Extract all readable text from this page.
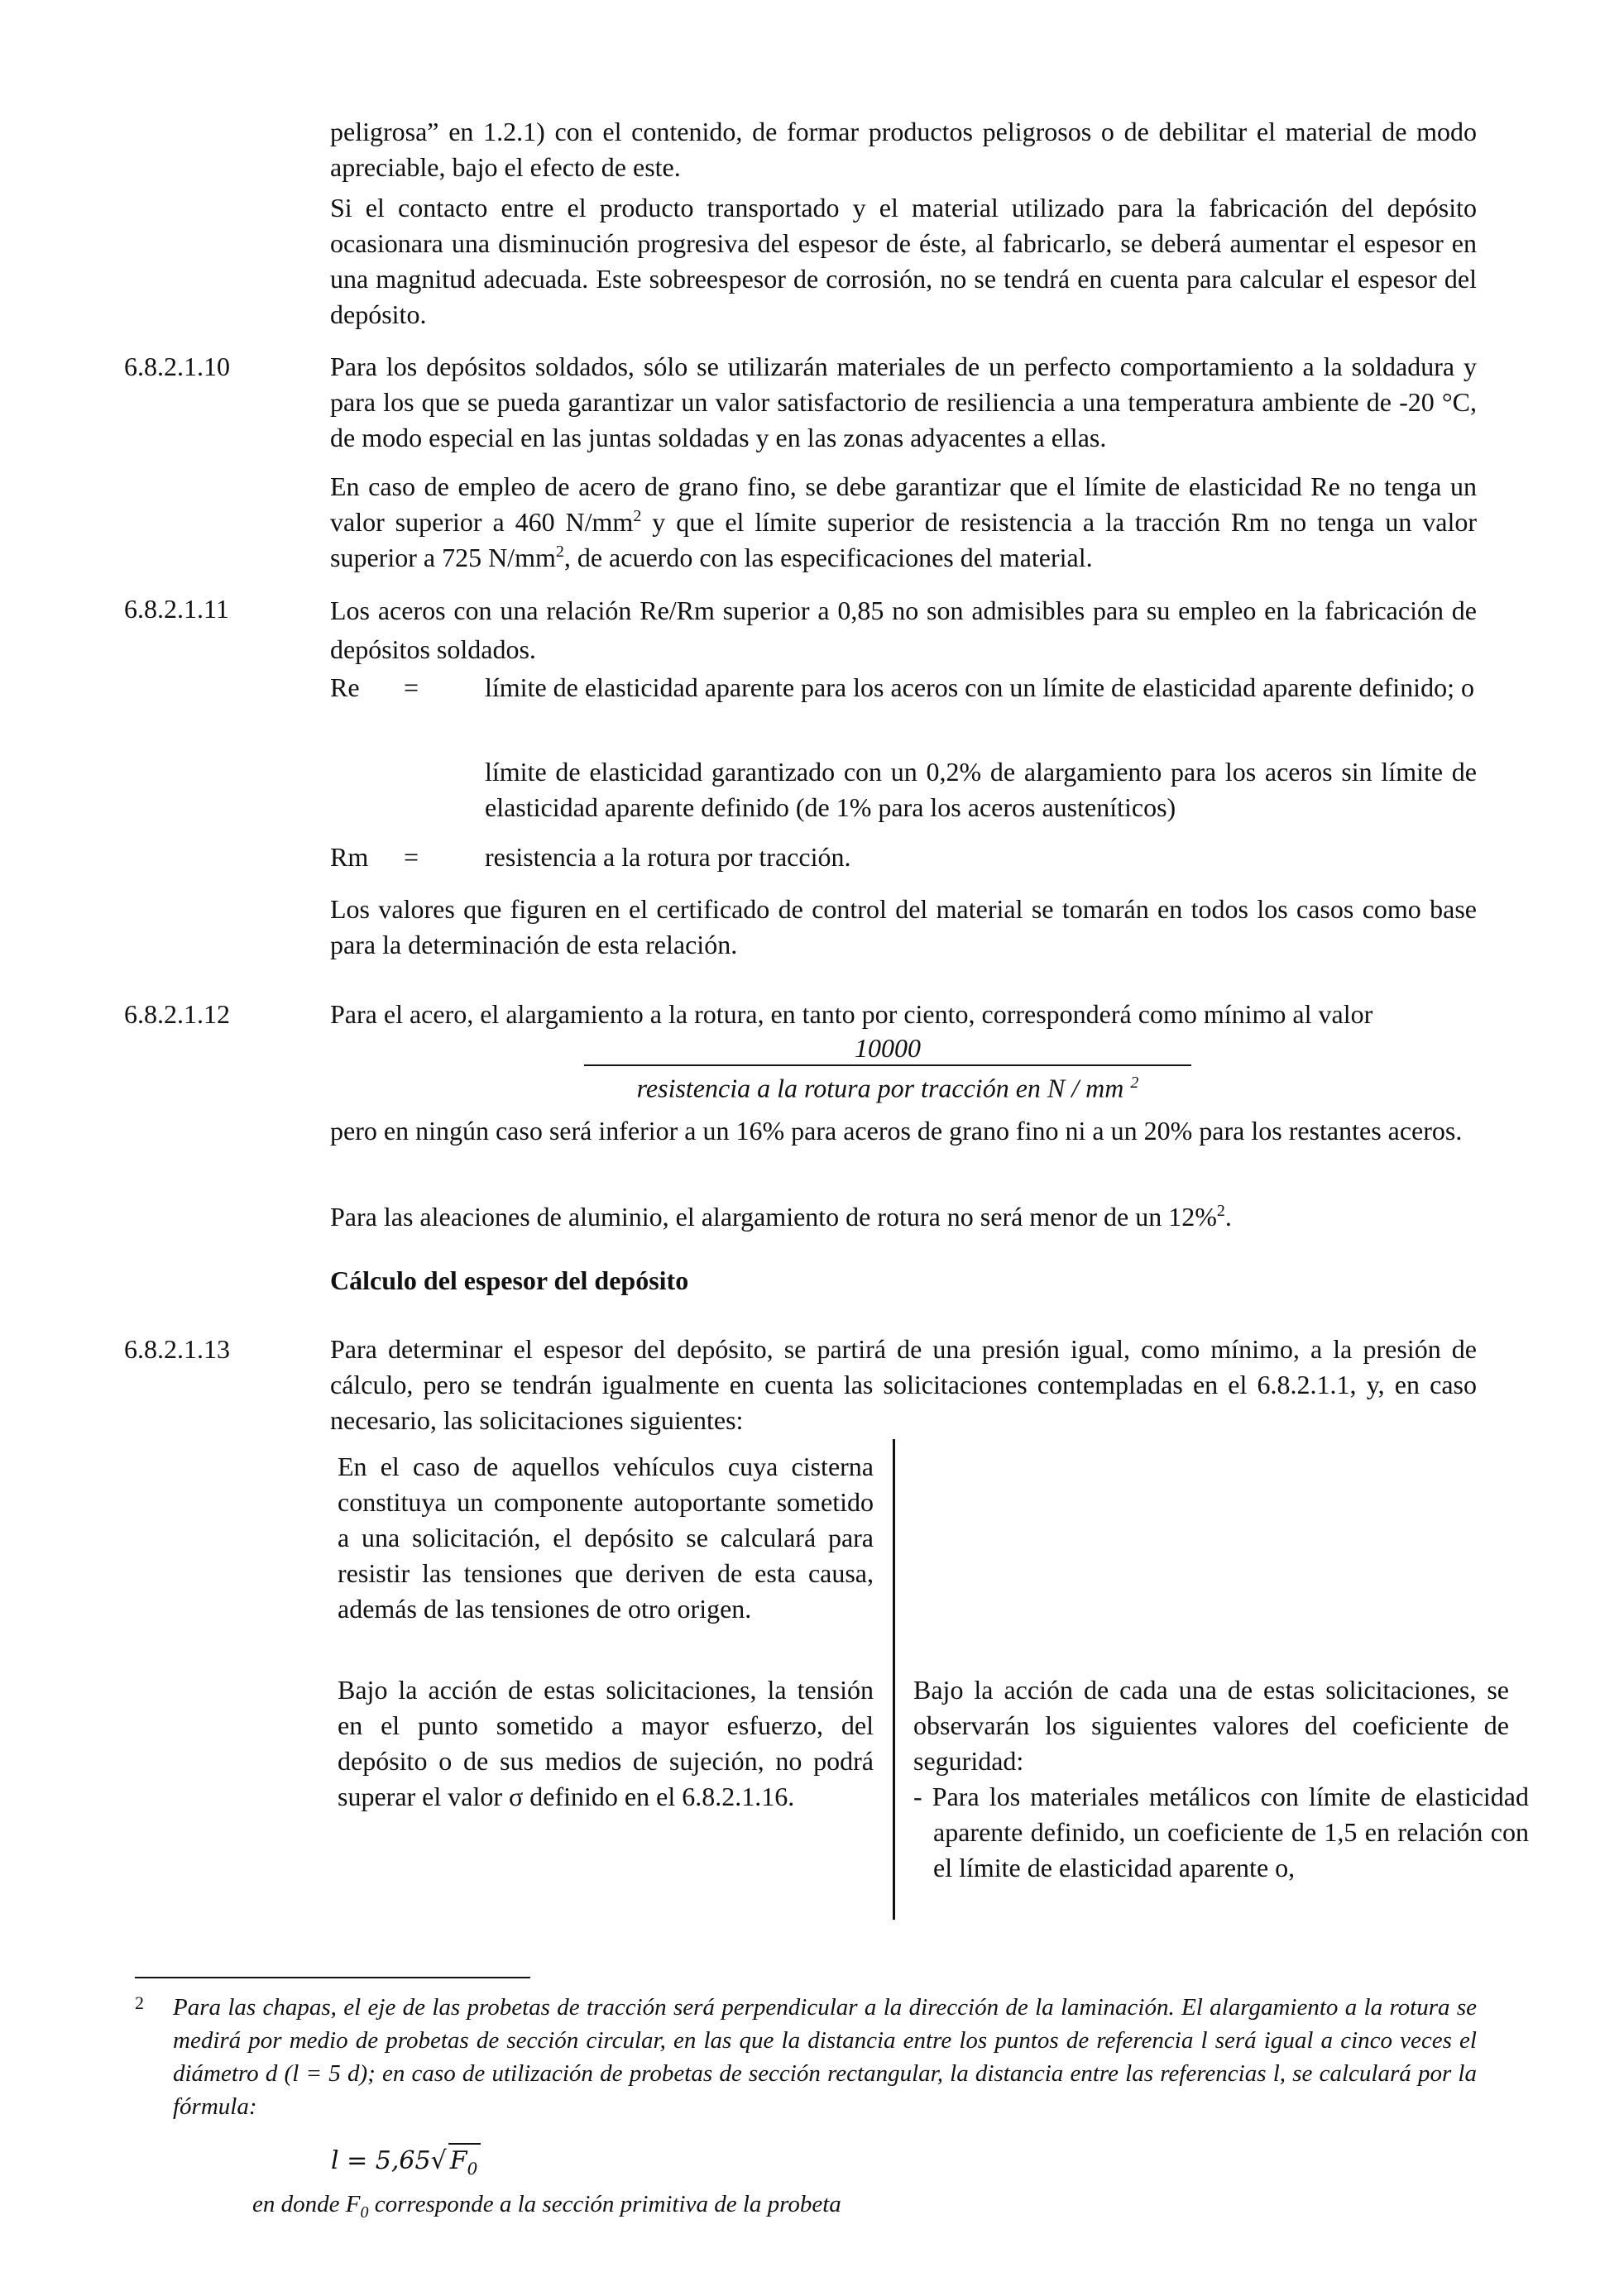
peligrosa” en 1.2.1) con el contenido, de formar productos peligrosos o de debilitar el material de modo apreciable, bajo el efecto de este.

Si el contacto entre el producto transportado y el material utilizado para la fabricación del depósito ocasionara una disminución progresiva del espesor de éste, al fabricarlo, se deberá aumentar el espesor en una magnitud adecuada. Este sobreespesor de corrosión, no se tendrá en cuenta para calcular el espesor del depósito.

6.8.2.1.10	Para los depósitos soldados, sólo se utilizarán materiales de un perfecto comportamiento a la soldadura y para los que se pueda garantizar un valor satisfactorio de resiliencia a una temperatura ambiente de -20 °C, de modo especial en las juntas soldadas y en las zonas adyacentes a ellas.

En caso de empleo de acero de grano fino, se debe garantizar que el límite de elasticidad Re no tenga un valor superior a 460 $N/mm^2$ y que el límite superior de resistencia a la tracción Rm no tenga un valor superior a 725 $N/mm^2$, de acuerdo con las especificaciones del material.

6.8.2.1.11	Los aceros con una relación Re/Rm superior a 0,85 no son admisibles para su empleo en la fabricación de depósitos soldados.

Re = límite de elasticidad aparente para los aceros con un límite de elasticidad aparente definido; o

límite de elasticidad garantizado con un 0,2% de alargamiento para los aceros sin límite de elasticidad aparente definido (de 1% para los aceros austeníticos)

Rm = resistencia a la rotura por tracción.

Los valores que figuren en el certificado de control del material se tomarán en todos los casos como base para la determinación de esta relación.

6.8.2.1.12	Para el acero, el alargamiento a la rotura, en tanto por ciento, corresponderá como mínimo al valor

10000
resistencia a la rotura por tracción en N / mm $^2$

pero en ningún caso será inferior a un 16% para aceros de grano fino ni a un 20% para los restantes aceros.

Para las aleaciones de aluminio, el alargamiento de rotura no será menor de un 12%$^2$.

Cálculo del espesor del depósito

6.8.2.1.13	Para determinar el espesor del depósito, se partirá de una presión igual, como mínimo, a la presión de cálculo, pero se tendrán igualmente en cuenta las solicitaciones contempladas en el 6.8.2.1.1, y, en caso necesario, las solicitaciones siguientes:

En el caso de aquellos vehículos cuya cisterna constituya un componente autoportante sometido a una solicitación, el depósito se calculará para resistir las tensiones que deriven de esta causa, además de las tensiones de otro origen.

Bajo la acción de estas solicitaciones, la tensión en el punto sometido a mayor esfuerzo, del depósito o de sus medios de sujeción, no podrá superar el valor σ definido en el 6.8.2.1.16.

Bajo la acción de cada una de estas solicitaciones, se observarán los siguientes valores del coeficiente de seguridad:

- Para los materiales metálicos con límite de elasticidad aparente definido, un coeficiente de 1,5 en relación con el límite de elasticidad aparente o,

2 Para las chapas, el eje de las probetas de tracción será perpendicular a la dirección de la laminación. El alargamiento a la rotura se medirá por medio de probetas de sección circular, en las que la distancia entre los puntos de referencia l será igual a cinco veces el diámetro d (l = 5 d); en caso de utilización de probetas de sección rectangular, la distancia entre las referencias l, se calculará por la fórmula:

l = 5,65√ $F_0$

en donde $F_0$ corresponde a la sección primitiva de la probeta
